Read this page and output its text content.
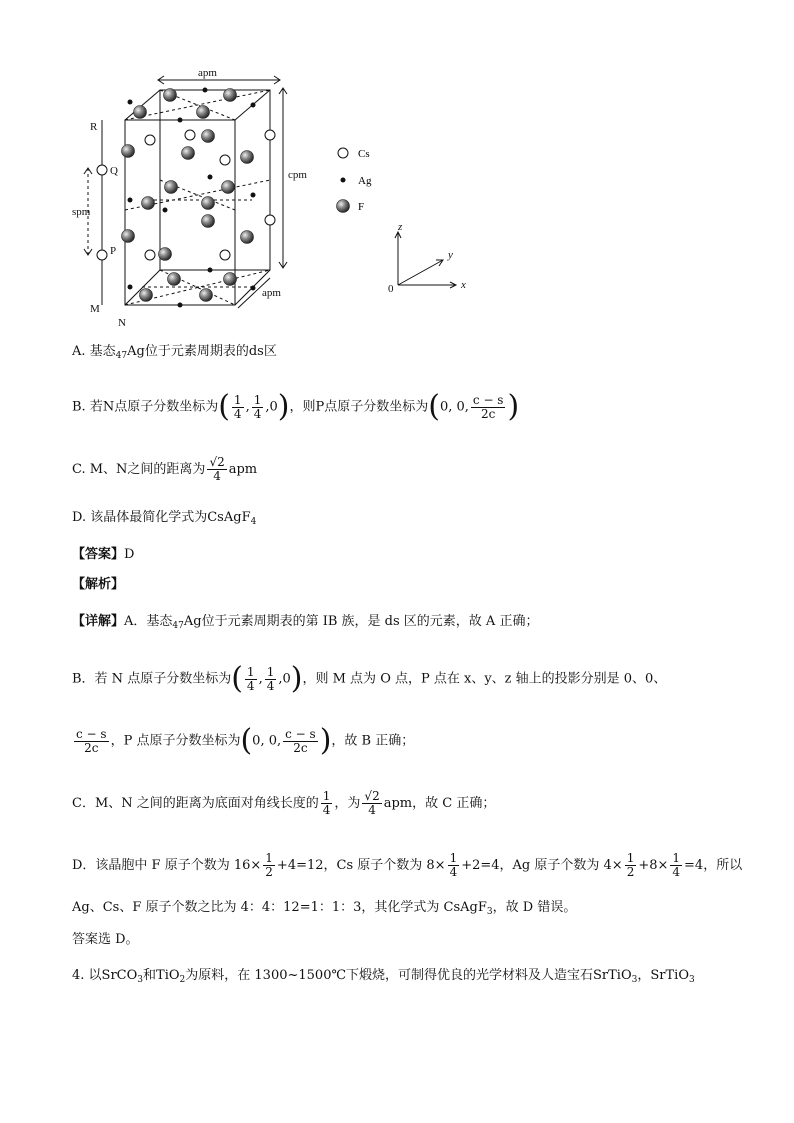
apm
cpm
spm
apm
R
Q
P
M
N
Cs
Ag
F
z
y
x
0
A. 基态$_{47}$Ag位于元素周期表的ds区
B. 若N点原子分数坐标为( $\frac{1}{4}$ , $\frac{1}{4} ,0$)，则P点原子分数坐标为(0, 0, $\frac{c - s}{2c}$ )
C. M、N之间的距离为 $\frac{√2}{4}$ apm
D. 该晶体最简化学式为CsAgF$_4$
【答案】D
【解析】
【详解】A．基态$_{47}$Ag位于元素周期表的第 IB 族，是 ds 区的元素，故 A 正确；
B．若 N 点原子分数坐标为( $\frac{1}{4}$ , $\frac{1}{4} ,0$)，则 M 点为 O 点，P 点在 x、y、z 轴上的投影分别是 0、0、
$\frac{c - s}{2c}$ ，P 点原子分数坐标为(0, 0, $\frac{c - s}{2c}$ )，故 B 正确；
C．M、N 之间的距离为底面对角线长度的 $\frac{1}{4}$ ，为 $\frac{√2}{4}$ apm，故 C 正确；
D．该晶胞中 F 原子个数为 $16\times \frac{1}{2} +4=12$，Cs 原子个数为 $8\times \frac{1}{4} +2=4$，Ag 原子个数为 $4\times \frac{1}{2} +8\times \frac{1}{4} =4$，所以
Ag、Cs、F 原子个数之比为 4：4：12=1：1：3，其化学式为 CsAgF$_3$，故 D 错误。
答案选 D。
4. 以SrCO$_3$和TiO$_2$为原料，在 1300~1500℃下煅烧，可制得优良的光学材料及人造宝石SrTiO$_3$，SrTiO$_3$
